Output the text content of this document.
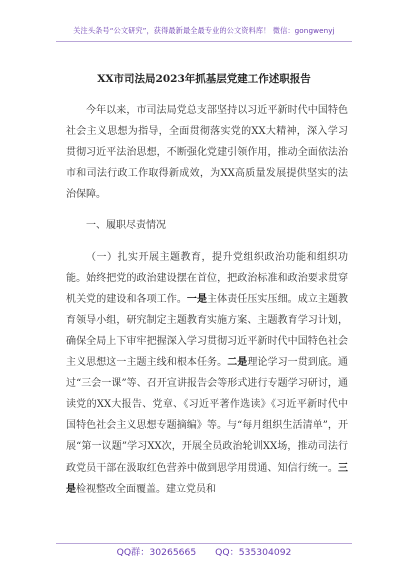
关注头条号“公文研究”，获得最新最全最专业的公文资料库！ 微信：gongwenyj
XX市司法局2023年抓基层党建工作述职报告

今年以来，市司法局党总支部坚持以习近平新时代中国特色社会主义思想为指导，全面贯彻落实党的XX大精神，深入学习贯彻习近平法治思想，不断强化党建引领作用，推动全面依法治市和司法行政工作取得新成效，为XX高质量发展提供坚实的法治保障。

一、履职尽责情况

（一）扎实开展主题教育，提升党组织政治功能和组织功能。始终把党的政治建设摆在首位，把政治标准和政治要求贯穿机关党的建设和各项工作。一是主体责任压实压细。成立主题教育领导小组，研究制定主题教育实施方案、主题教育学习计划，确保全局上下审牢把握深入学习贯彻习近平新时代中国特色社会主义思想这一主题主线和根本任务。二是理论学习一贯到底。通过“三会一课”等、召开宣讲报告会等形式进行专题学习研讨，通读党的XX大报告、党章、《习近平著作选读》《习近平新时代中国特色社会主义思想专题摘编》等。与“每月组织生活清单”，开展“第一议题”学习XX次，开展全员政治轮训XX场，推动司法行政党员干部在汲取红色营养中做到思学用贯通、知信行统一。三是检视整改全面覆盖。建立党员和

QQ群：30265665 QQ：535304092
